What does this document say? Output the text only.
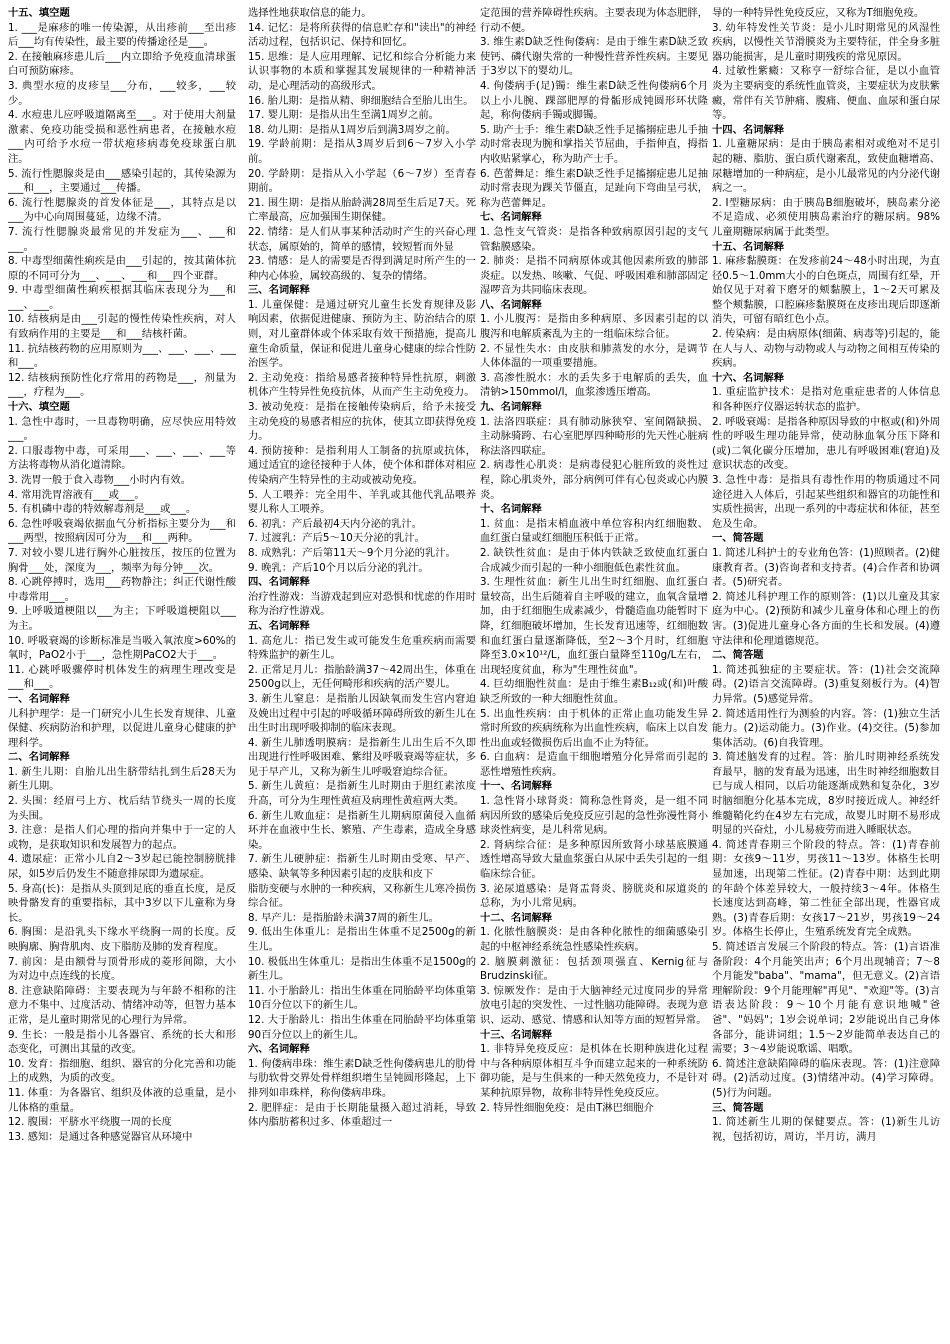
十五、填空题

1. ___是麻疹的唯一传染源，从出疹前___至出疹后___均有传染性，最主要的传播途径是___。

2. 在接触麻疹患儿后___内立即给予免疫血清球蛋白可预防麻疹。

3. 典型水痘的皮疹呈___分布，___较多，___较少。

4. 水痘患儿应呼吸道隔离至___。对于使用大剂量激素、免疫功能受损和恶性病患者，在接触水痘___内可给予水痘一带状疱疹病毒免疫球蛋白肌注。

5. 流行性腮腺炎是由___感染引起的，其传染源为___和___，主要通过___传播。

6. 流行性腮腺炎的首发体征是___，其特点是以___为中心向周围蔓延，边缘不清。

7. 流行性腮腺炎最常见的并发症为___、___和___。

8. 中毒型细菌性痢疾是由___引起的，按其菌体抗原的不同可分为___、___、___和___四个亚群。

9. 中毒型细菌性痢疾根据其临床表现分为___和___、___。

10. 结核病是由___引起的慢性传染性疾病，对人有致病作用的主要是___和___结核杆菌。

11. 抗结核药物的应用原则为___、___、___、___和___。

12. 结核病预防性化疗常用的药物是___，剂量为___，疗程为___。

十六、填空题

1. 急性中毒时，一旦毒物明确，应尽快应用特效___。

2. 口服毒物中毒，可采用___、___、___、___等方法将毒物从消化道清除。

3. 洗胃一般于食入毒物___小时内有效。

4. 常用洗胃溶液有___或___。

5. 有机磷中毒的特效解毒剂是___或___。

6. 急性呼吸衰竭依据血气分析指标主要分为___和___两型，按照病因可分为___和___两种。

7. 对较小婴儿进行胸外心脏按压，按压的位置为胸骨___处，深度为___，频率为每分钟___次。

8. 心跳停搏时，选用___药物静注；纠正代谢性酸中毒常用___。

9. 上呼吸道梗阻以___为主；下呼吸道梗阻以___为主。

10. 呼吸衰竭的诊断标准是当吸入氧浓度>60%的氧时，PaO2小于___，急性期PaCO2大于___。

11. 心跳呼吸骤停时机体发生的病理生理改变是___和___。

一、名词解释

儿科护理学：是一门研究小儿生长发育规律、儿童保健、疾病防治和护理，以促进儿童身心健康的护理科学。

二、名词解释

1. 新生儿期：自胎儿出生脐带结扎到生后28天为新生儿期。

2. 头围：经眉弓上方、枕后结节绕头一周的长度为头围。

3. 注意：是指人们心理的指向并集中于一定的人或物，是获取知识和发展智力的起点。

4. 遗尿症：正常小儿自2～3岁起已能控制膀胱排尿，如5岁后仍发生不随意排尿即为遗尿症。

5. 身高(长)：是指从头顶到足底的垂直长度，是反映骨骼发育的重要指标，其中3岁以下儿童称为身长。

6. 胸围：是沿乳头下缘水平绕胸一周的长度。反映胸廓、胸背肌肉、皮下脂肪及肺的发育程度。

7. 前囟：是由额骨与顶骨形成的菱形间隙，大小为对边中点连线的长度。

8. 注意缺陷障碍：主要表现为与年龄不相称的注意力不集中、过度活动、情绪冲动等，但智力基本正常，是儿童时期常见的心理行为异常。

9. 生长：一般是指小儿各器官、系统的长大和形态变化，可测出其量的改变。

10. 发育：指细胞、组织、器官的分化完善和功能上的成熟，为质的改变。

11. 体重：为各器官、组织及体液的总重量，是小儿体格的重量。

12. 腹围：平脐水平绕腹一周的长度

13. 感知：是通过各种感觉器官从环境中

选择性地获取信息的能力。

14. 记忆：是将所获得的信息贮存和"读出"的神经活动过程，包括识记、保持和回忆。

15. 思维：是人应用理解、记忆和综合分析能力来认识事物的本质和掌握其发展规律的一种精神活动，是心理活动的高级形式。

16. 胎儿期：是指从精、卵细胞结合至胎儿出生。

17. 婴儿期：是指从出生至满1周岁之前。

18. 幼儿期：是指从1周岁后到满3周岁之前。

19. 学龄前期：是指从3周岁后到6～7岁入小学前。

20. 学龄期：是指从入小学起（6～7岁）至青春期前。

21. 围生期：是指从胎龄满28周至生后足7天。死亡率最高，应加强围生期保健。

22. 情绪：是人们从事某种活动时产生的兴奋心理状态，属原始的，简单的感情，较短暂而外显

23. 情感：是人的需要是否得到满足时所产生的一种内心体验，属较高级的、复杂的情绪。

三、名词解释

1. 儿童保健：是通过研究儿童生长发育规律及影响因素，依据促进健康、预防为主、防治结合的原则，对儿童群体或个体采取有效干预措施，提高儿童生命质量，保证和促进儿童身心健康的综合性防治医学。

2. 主动免疫：指给易感者接种特异性抗原，刺激机体产生特异性免疫抗体，从而产生主动免疫力。

3. 被动免疫：是指在接触传染病后，给予未接受主动免疫的易感者相应的抗体，使其立即获得免疫力。

4. 预防接种：是指利用人工制备的抗原或抗体，通过适宜的途径接种于人体，使个体和群体对相应传染病产生特异性的主动或被动免疫。

5. 人工喂养：完全用牛、羊乳或其他代乳品喂养婴儿称人工喂养。

6. 初乳：产后最初4天内分泌的乳汁。

7. 过渡乳：产后5～10天分泌的乳汁。

8. 成熟乳：产后第11天～9个月分泌的乳汁。

9. 晚乳：产后10个月以后分泌的乳汁。

四、名词解释

治疗性游戏：当游戏起到应对恐惧和忧虑的作用时称为治疗性游戏。

五、名词解释

1. 高危儿：指已发生或可能发生危重疾病而需要特殊监护的新生儿。

2. 正常足月儿：指胎龄满37～42周出生，体重在2500g以上，无任何畸形和疾病的活产婴儿。

3. 新生儿窒息：是指胎儿因缺氧而发生宫内窘迫及娩出过程中引起的呼吸循环障碍所致的新生儿在出生时出现呼吸抑制的临床表现。

4. 新生儿肺透明膜病：是指新生儿出生后不久即出现进行性呼吸困难、紫绀及呼吸衰竭等症状，多见于早产儿，又称为新生儿呼吸窘迫综合征。

5. 新生儿黄疸：是指新生儿时期由于胆红素浓度升高，可分为生理性黄疸及病理性黄疸两大类。

6. 新生儿败血症：是指新生儿期病原菌侵入血循环并在血液中生长、繁殖、产生毒素，造成全身感染。

7. 新生儿硬肿症：指新生儿时期由受寒、早产、感染、缺氧等多种因素引起的皮肤和皮下

脂肪变硬与水肿的一种疾病，又称新生儿寒冷损伤综合征。

8. 早产儿：是指胎龄未满37周的新生儿。

9. 低出生体重儿：是指出生体重不足2500g的新生儿。

10. 极低出生体重儿：是指出生体重不足1500g的新生儿。

11. 小于胎龄儿：指出生体重在同胎龄平均体重第10百分位以下的新生儿。

12. 大于胎龄儿：指出生体重在同胎龄平均体重第90百分位以上的新生儿。

六、名词解释

1. 佝偻病串珠：维生素D缺乏性佝偻病患儿的肋骨与肋软骨交界处骨样组织增生呈钝圆形隆起，上下排列如串珠样，称佝偻病串珠。

2. 肥胖症：是由于长期能量摄入超过消耗，导致体内脂肪蓄积过多、体重超过一

定范围的营养障碍性疾病。主要表现为体态肥胖，行动不便。

3. 维生素D缺乏性佝偻病：是由于维生素D缺乏致使钙、磷代谢失常的一种慢性营养性疾病。主要见于3岁以下的婴幼儿。

4. 佝偻病手(足)镯：维生素D缺乏性佝偻病6个月以上小儿腕、踝部肥厚的骨骺形成钝圆形环状隆起，称佝偻病手镯或脚镯。

5. 助产士手：维生素D缺乏性手足搐搦症患儿手抽动时常表现为腕和掌指关节屈曲，手指伸直，拇指内收贴紧掌心，称为助产士手。

6. 芭蕾舞足：维生素D缺乏性手足搐搦症患儿足抽动时常表现为踝关节僵直，足趾向下弯曲呈弓状，称为芭蕾舞足。

七、名词解释

1. 急性支气管炎：是指各种致病原因引起的支气管黏膜感染。

2. 肺炎：是指不同病原体或其他因素所致的肺部炎症。以发热、咳嗽、气促、呼吸困难和肺部固定湿啰音为共同临床表现。

八、名词解释

1. 小儿腹泻：是指由多种病原、多因素引起的以腹泻和电解质紊乱为主的一组临床综合征。

2. 不显性失水：由皮肤和肺蒸发的水分，是调节人体体温的一项重要措施。

3. 高渗性脱水：水的丢失多于电解质的丢失，血清钠>150mmol/l，血浆渗透压增高。

九、名词解释

1. 法洛四联症：具有肺动脉狭窄、室间隔缺损、主动脉骑跨、右心室肥厚四种畸形的先天性心脏病称法洛四联症。

2. 病毒性心肌炎：是病毒侵犯心脏所致的炎性过程，除心肌炎外，部分病例可伴有心包炎或心内膜炎。

十、名词解释

1. 贫血：是指末梢血液中单位容积内红细胞数、血红蛋白量或红细胞压积低于正常。

2. 缺铁性贫血：是由于体内铁缺乏致使血红蛋白合成减少而引起的一种小细胞低色素性贫血。

3. 生理性贫血：新生儿出生时红细胞、血红蛋白量较高，出生后随着自主呼吸的建立，血氧含量增加，由于红细胞生成素减少，骨髓造血功能暂时下降，红细胞破坏增加，生长发育迅速等，红细胞数和血红蛋白量逐渐降低，至2～3个月时，红细胞降至3.0×10¹²/L，血红蛋白量降至110g/L左右，出现轻度贫血，称为"生理性贫血"。

4. 巨幼细胞性贫血：是由于维生素B₁₂或(和)叶酸缺乏所致的一种大细胞性贫血。

5. 出血性疾病：由于机体的正常止血功能发生异常时所致的疾病统称为出血性疾病，临床上以自发性出血或轻微损伤后出血不止为特征。

6. 白血病：是造血干细胞增殖分化异常而引起的恶性增殖性疾病。

十一、名词解释

1. 急性肾小球肾炎：简称急性肾炎，是一组不同病因所致的感染后免疫反应引起的急性弥漫性肾小球炎性病变，是儿科常见病。

2. 肾病综合征：是多种原因所致肾小球基底膜通透性增高导致大量血浆蛋白从尿中丢失引起的一组临床综合征。

3. 泌尿道感染：是肾盂肾炎、膀胱炎和尿道炎的总称，为小儿常见病。

十二、名词解释

1. 化脓性脑膜炎：是由各种化脓性的细菌感染引起的中枢神经系统急性感染性疾病。

2. 脑膜刺激征：包括颈项强直、Kernig征与Brudzinski征。

3. 惊厥发作：是由于大脑神经元过度同步的异常放电引起的突发性、一过性脑功能障碍。表现为意识、运动、感觉、情感和认知等方面的短暂异常。

十三、名词解释

1. 非特异免疫反应：是机体在长期种族进化过程中与各种病原体相互斗争而建立起来的一种系统防御功能，是与生俱来的一种天然免疫力，不是针对某种抗原异物，故称非特异性免疫反应。

2. 特异性细胞免疫：是由T淋巴细胞介

导的一种特异性免疫反应，又称为T细胞免疫。

3. 幼年特发性关节炎：是小儿时期常见的风湿性疾病，以慢性关节滑膜炎为主要特征，伴全身多脏器功能损害，是儿童时期残疾的常见原因。

4. 过敏性紫癜：又称亨一舒综合征，是以小血管炎为主要病变的系统性血管炎，主要症状为皮肤紫癜，常伴有关节肿痛、腹痛、便血、血尿和蛋白尿等。

十四、名词解释

1. 儿童糖尿病：是由于胰岛素相对或绝对不足引起的糖、脂肪、蛋白质代谢紊乱，致使血糖增高、尿糖增加的一种病症，是小儿最常见的内分泌代谢病之一。

2. I型糖尿病：由于胰岛B细胞破坏，胰岛素分泌不足造成、必须使用胰岛素治疗的糖尿病。98%儿童期糖尿病属于此类型。

十五、名词解释

1. 麻疹黏膜斑：在发疹前24～48小时出现，为直径0.5～1.0mm大小的白色斑点，周围有红晕，开始仅见于对着下磨牙的颊黏膜上，1～2天可累及整个颊黏膜，口腔麻疹黏膜斑在皮疹出现后即逐渐消失，可留有暗红色小点。

2. 传染病：是由病原体(细菌、病毒等)引起的，能在人与人、动物与动物或人与动物之间相互传染的疾病。

十六、名词解释

1. 重症监护技术：是指对危重症患者的人体信息和各种医疗仪器运转状态的监护。

2. 呼吸衰竭：是指各种原因导致的中枢或(和)外周性的呼吸生理功能异常，使动脉血氧分压下降和(或)二氧化碳分压增加，患儿有呼吸困难(窘迫)及意识状态的改变。

3. 急性中毒：是指具有毒性作用的物质通过不同途径进入人体后，引起某些组织和器官的功能性和实质性损害，出现一系列的中毒症状和体征，甚至危及生命。

一、简答题

1. 简述儿科护士的专业角色答：(1)照顾者。(2)健康教育者。(3)咨询者和支持者。(4)合作者和协调者。(5)研究者。

2. 简述儿科护理工作的原则答：(1)以儿童及其家庭为中心。(2)预防和减少儿童身体和心理上的伤害。(3)促进儿童身心各方面的生长和发展。(4)遵守法律和伦理道德规范。

二、简答题

1. 简述孤独症的主要症状。答：(1)社会交流障碍。(2)语言交流障碍。(3)重复刻板行为。(4)智力异常。(5)感觉异常。

2. 简述适用性行为测验的内容。答：(1)独立生活能力。(2)运动能力。(3)作业。(4)交往。(5)参加集体活动。(6)自我管理。

3. 简述脑发育的过程。答：胎儿时期神经系统发育最早，脑的发育最为迅速，出生时神经细胞数目已与成人相同，以后功能逐渐成熟和复杂化，3岁时脑细胞分化基本完成，8岁时接近成人。神经纤维髓鞘化约在4岁左右完成，故婴儿时期不易形成明显的兴奋灶，小儿易疲劳而进入睡眠状态。

4. 简述青春期三个阶段的特点。答：(1)青春前期：女孩9～11岁，男孩11～13岁。体格生长明显加速，出现第二性征。(2)青春中期：达到此期的年龄个体差异较大，一般持续3～4年。体格生长速度达到高峰，第二性征全部出现，性器官成熟。(3)青春后期：女孩17～21岁，男孩19～24岁。体格生长停止，生殖系统发育完全成熟。

5. 简述语言发展三个阶段的特点。答：(1)言语准备阶段：4个月能笑出声；6个月出现辅音；7～8个月能发"baba"、"mama"，但无意义。(2)言语理解阶段：9个月能理解"再见"、"欢迎"等。(3)言语表达阶段：9～10个月能有意识地喊"爸爸"、"妈妈"；1岁会说单词；2岁能说出自己身体各部分，能讲词组；1.5～2岁能简单表达自己的需要；3～4岁能说歌谣、唱歌。

6. 简述注意缺陷障碍的临床表现。答：(1)注意障碍。(2)活动过度。(3)情绪冲动。(4)学习障碍。(5)行为问题。

三、简答题

1. 简述新生儿期的保健要点。答：(1)新生儿访视，包括初访，周访，半月访，满月
